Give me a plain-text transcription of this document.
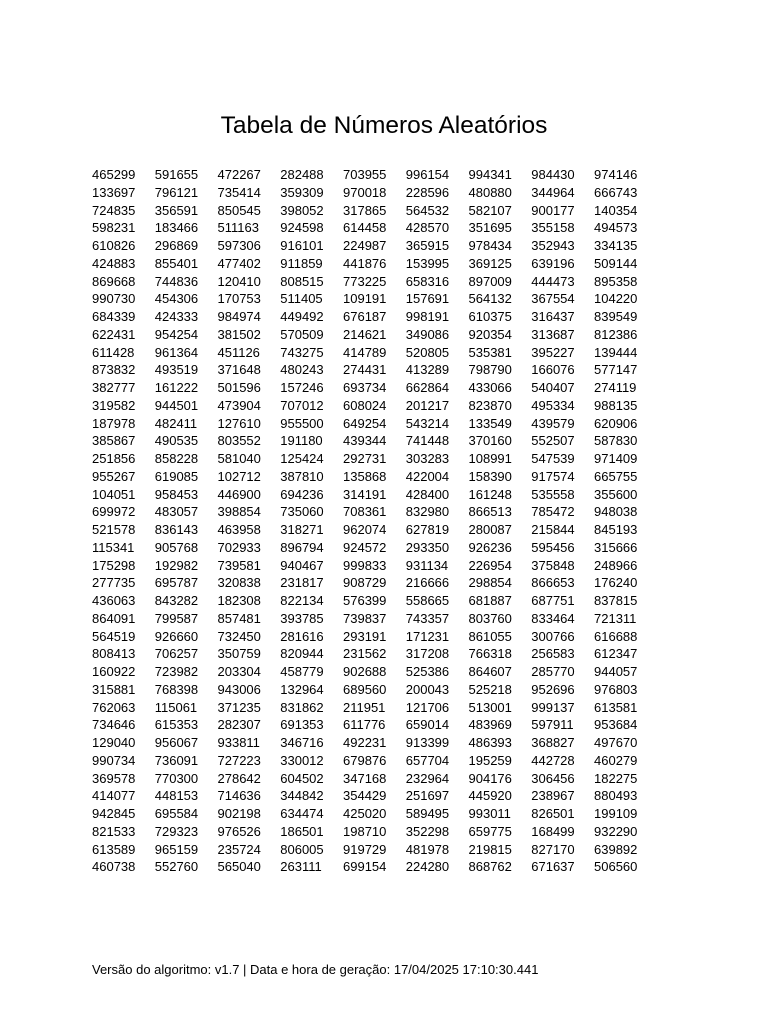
Tabela de Números Aleatórios
465299	591655	472267	282488	703955	996154	994341	984430	974146
133697	796121	735414	359309	970018	228596	480880	344964	666743
724835	356591	850545	398052	317865	564532	582107	900177	140354
598231	183466	511163	924598	614458	428570	351695	355158	494573
610826	296869	597306	916101	224987	365915	978434	352943	334135
424883	855401	477402	911859	441876	153995	369125	639196	509144
869668	744836	120410	808515	773225	658316	897009	444473	895358
990730	454306	170753	511405	109191	157691	564132	367554	104220
684339	424333	984974	449492	676187	998191	610375	316437	839549
622431	954254	381502	570509	214621	349086	920354	313687	812386
611428	961364	451126	743275	414789	520805	535381	395227	139444
873832	493519	371648	480243	274431	413289	798790	166076	577147
382777	161222	501596	157246	693734	662864	433066	540407	274119
319582	944501	473904	707012	608024	201217	823870	495334	988135
187978	482411	127610	955500	649254	543214	133549	439579	620906
385867	490535	803552	191180	439344	741448	370160	552507	587830
251856	858228	581040	125424	292731	303283	108991	547539	971409
955267	619085	102712	387810	135868	422004	158390	917574	665755
104051	958453	446900	694236	314191	428400	161248	535558	355600
699972	483057	398854	735060	708361	832980	866513	785472	948038
521578	836143	463958	318271	962074	627819	280087	215844	845193
115341	905768	702933	896794	924572	293350	926236	595456	315666
175298	192982	739581	940467	999833	931134	226954	375848	248966
277735	695787	320838	231817	908729	216666	298854	866653	176240
436063	843282	182308	822134	576399	558665	681887	687751	837815
864091	799587	857481	393785	739837	743357	803760	833464	721311
564519	926660	732450	281616	293191	171231	861055	300766	616688
808413	706257	350759	820944	231562	317208	766318	256583	612347
160922	723982	203304	458779	902688	525386	864607	285770	944057
315881	768398	943006	132964	689560	200043	525218	952696	976803
762063	115061	371235	831862	211951	121706	513001	999137	613581
734646	615353	282307	691353	611776	659014	483969	597911	953684
129040	956067	933811	346716	492231	913399	486393	368827	497670
990734	736091	727223	330012	679876	657704	195259	442728	460279
369578	770300	278642	604502	347168	232964	904176	306456	182275
414077	448153	714636	344842	354429	251697	445920	238967	880493
942845	695584	902198	634474	425020	589495	993011	826501	199109
821533	729323	976526	186501	198710	352298	659775	168499	932290
613589	965159	235724	806005	919729	481978	219815	827170	639892
460738	552760	565040	263111	699154	224280	868762	671637	506560
Versão do algoritmo: v1.7 | Data e hora de geração: 17/04/2025 17:10:30.441
